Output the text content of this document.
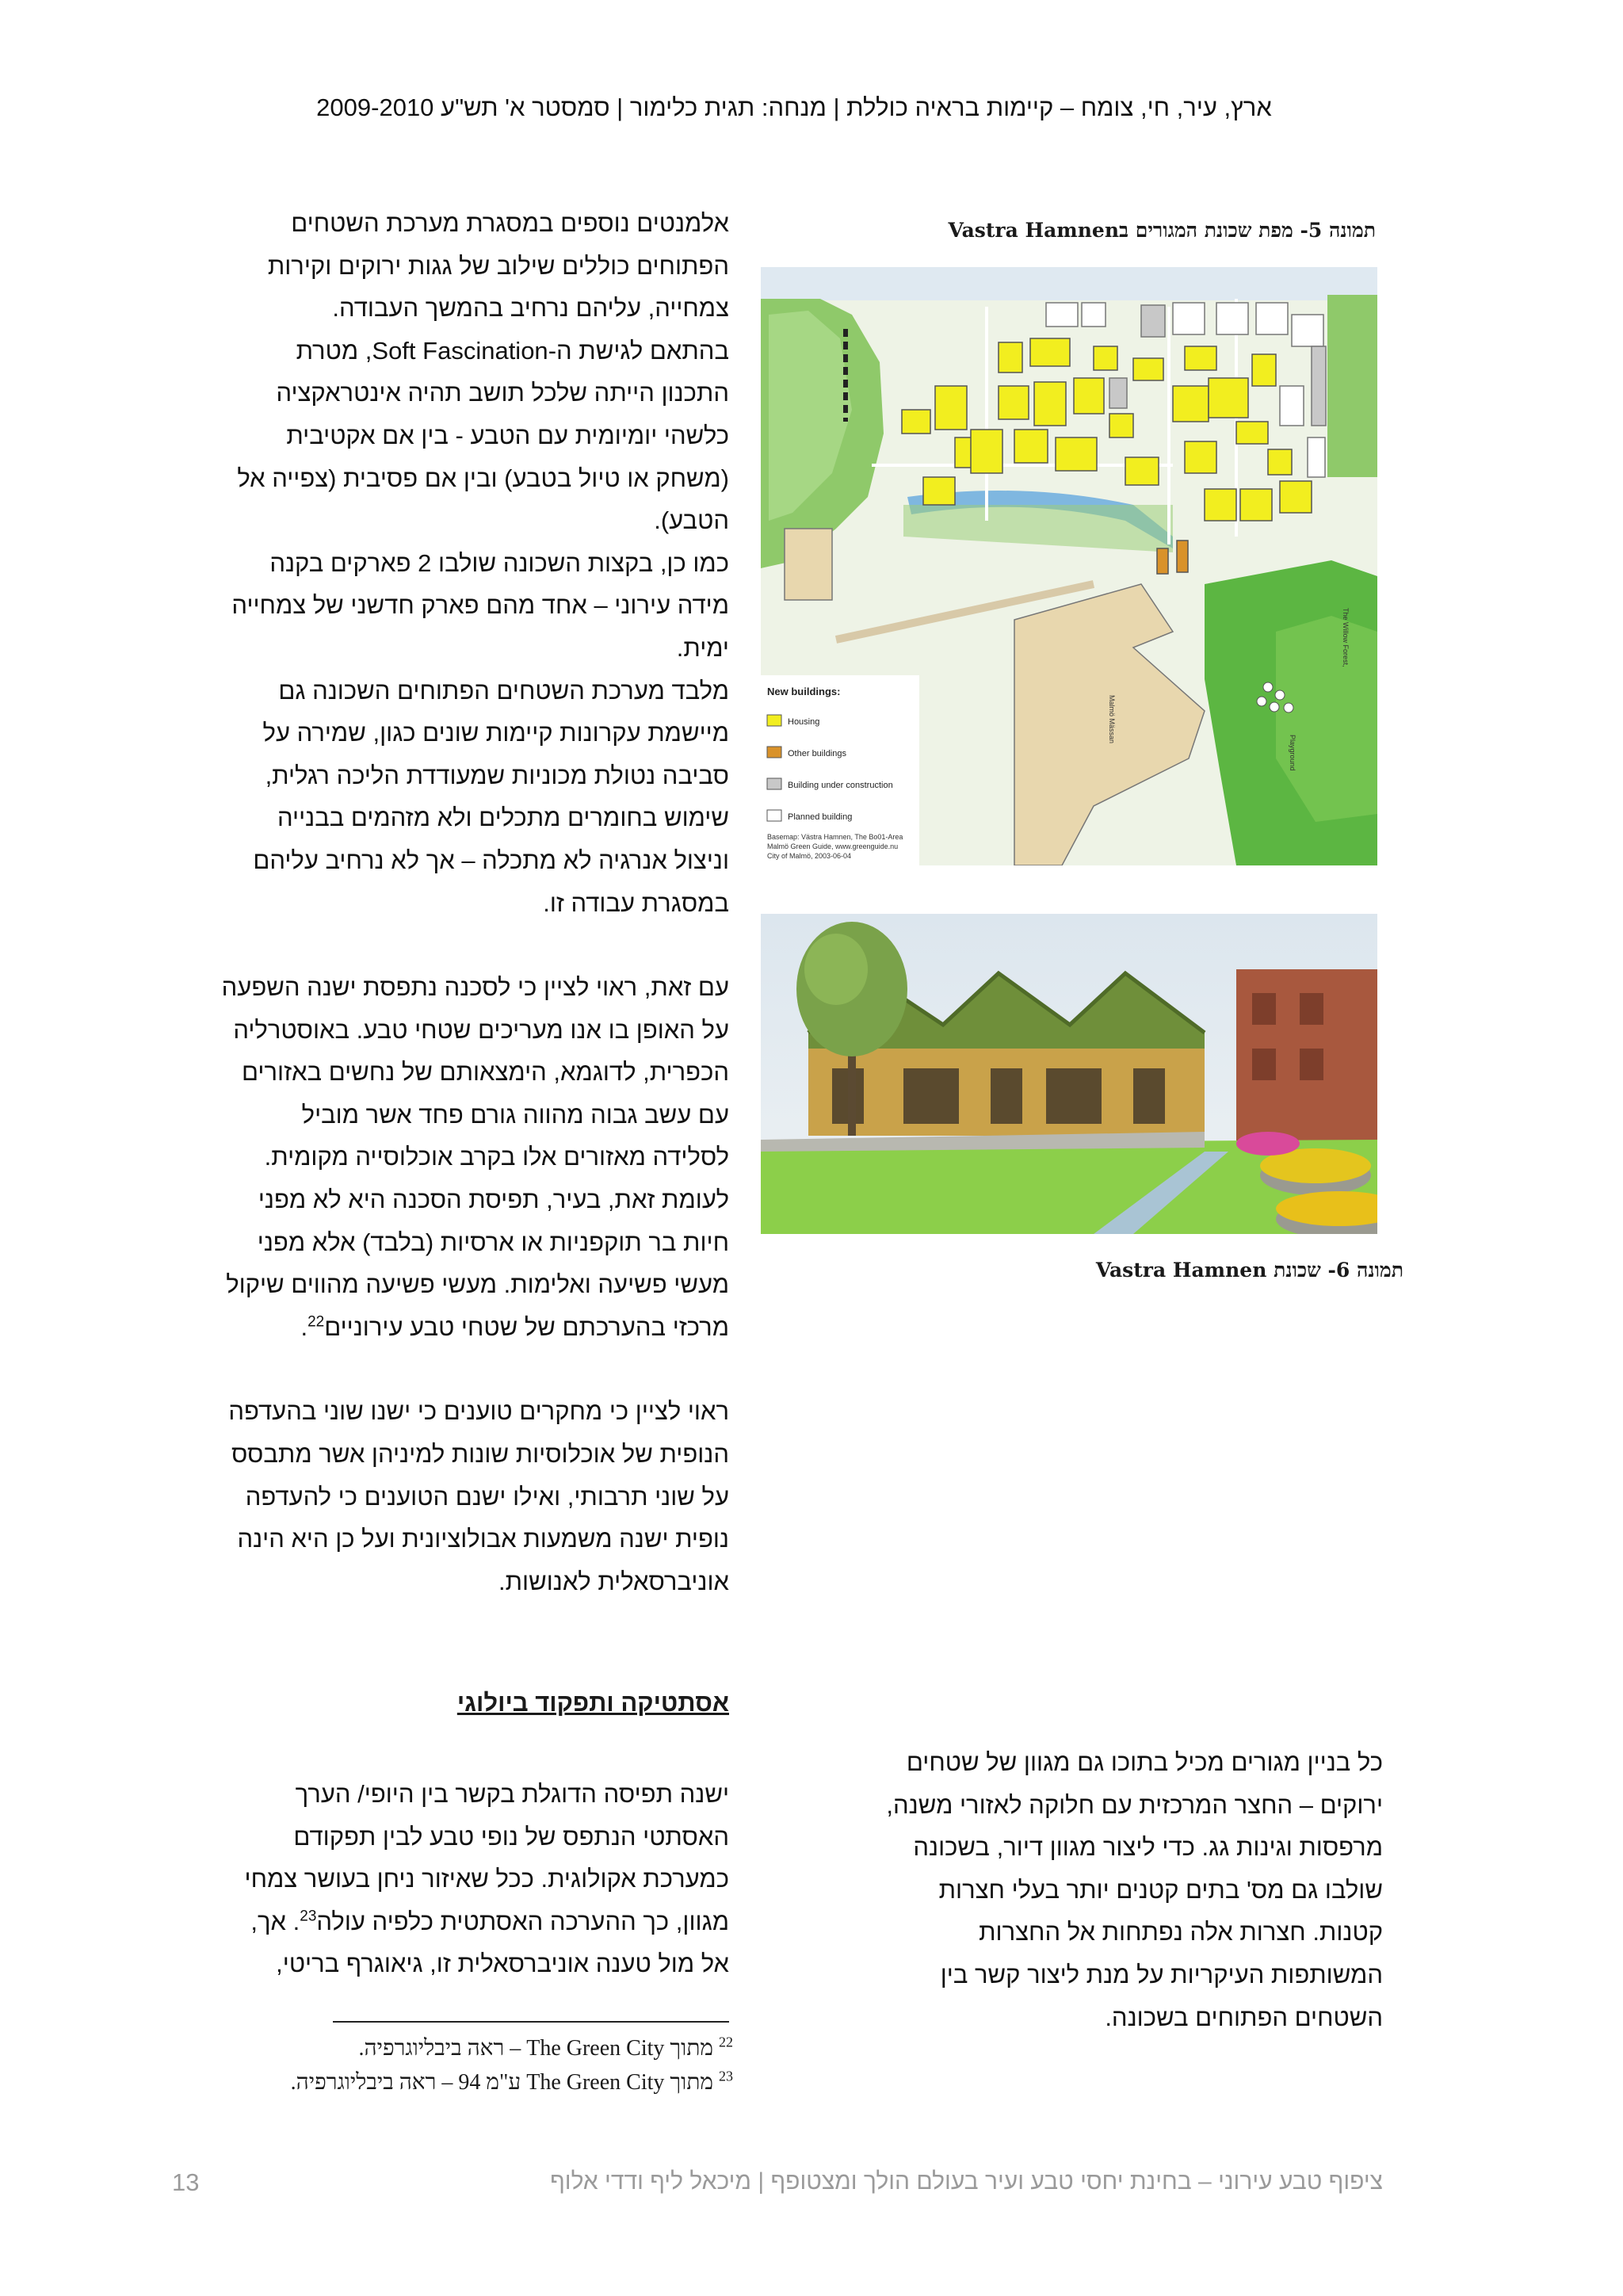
ארץ, עיר, חי, צומח – קיימות בראיה כוללת | מנחה: תגית כלימור | סמסטר א' תש"ע 2009-2010

אלמנטים נוספים במסגרת מערכת השטחים

הפתוחים כוללים שילוב של גגות ירוקים וקירות

צמחייה, עליהם נרחיב בהמשך העבודה.

בהתאם לגישת ה-Soft Fascination, מטרת

התכנון הייתה שלכל תושב תהיה אינטראקציה

כלשהי יומיומית עם הטבע - בין אם אקטיבית

(משחק או טיול בטבע) ובין אם פסיבית (צפייה אל

הטבע).

כמו כן, בקצות השכונה שולבו 2 פארקים בקנה

מידה עירוני – אחד מהם פארק חדשני של צמחייה

ימית.

מלבד מערכת השטחים הפתוחים השכונה גם

מיישמת עקרונות קיימות שונים כגון, שמירה על

סביבה נטולת מכוניות שמעודדת הליכה רגלית,

שימוש בחומרים מתכלים ולא מזהמים בבנייה

וניצול אנרגיה לא מתכלה – אך לא נרחיב עליהם

במסגרת עבודה זו.

עם זאת, ראוי לציין כי לסכנה נתפסת ישנה השפעה

על האופן בו אנו מעריכים שטחי טבע. באוסטרליה

הכפרית, לדוגמא, הימצאותם של נחשים באזורים

עם עשב גבוה מהווה גורם פחד אשר מוביל

לסלידה מאזורים אלו בקרב אוכלוסייה מקומית.

לעומת זאת, בעיר, תפיסת הסכנה היא לא מפני

חיות בר תוקפניות או ארסיות (בלבד) אלא מפני

מעשי פשיעה ואלימות. מעשי פשיעה מהווים שיקול

מרכזי בהערכתם של שטחי טבע עירוניים$^{22}$.

ראוי לציין כי מחקרים טוענים כי ישנו שוני בהעדפה

הנופית של אוכלוסיות שונות למיניהן אשר מתבסס

על שוני תרבותי, ואילו ישנם הטוענים כי להעדפה

נופית ישנה משמעות אבולוציונית ועל כן היא הינה

אוניברסאלית לאנושות.

אסתטיקה ותפקוד ביולוגי

ישנה תפיסה הדוגלת בקשר בין היופי/ הערך

האסתטי הנתפס של נופי טבע לבין תפקודם

כמערכת אקולוגית. ככל שאיזור ניחן בעושר צמחי

מגוון, כך ההערכה האסתטית כלפיה עולה$^{23}$. אך,

אל מול טענה אוניברסאלית זו, גיאוגרף בריטי,

כל בניין מגורים מכיל בתוכו גם מגוון של שטחים

ירוקים – החצר המרכזית עם חלוקה לאזורי משנה,

מרפסות וגינות גג. כדי ליצור מגוון דיור, בשכונה

שולבו גם מס' בתים קטנים יותר בעלי חצרות

קטנות. חצרות אלה נפתחות אל החצרות

המשותפות העיקריות על מנת ליצור קשר בין

השטחים הפתוחים בשכונה.

תמונה 5- מפת שכונת המגורים בVastra Hamnen
New buildings:
Housing
Other buildings
Building under construction
Planned building
Basemap: Västra Hamnen, The Bo01-Area
Malmö Green Guide, www.greenguide.nu
City of Malmö, 2003-06-04
The Willow Forest,
Malmö Mässan
Playground
תמונה 6- שכונת Vastra Hamnen
$^{22}$ מתוך The Green City – ראה ביבליוגרפיה.
$^{23}$ מתוך The Green City ע"מ 94 – ראה ביבליוגרפיה.
ציפוף טבע עירוני – בחינת יחסי טבע ועיר בעולם הולך ומצטופף | מיכאל ליף ודדי אלוף
13
